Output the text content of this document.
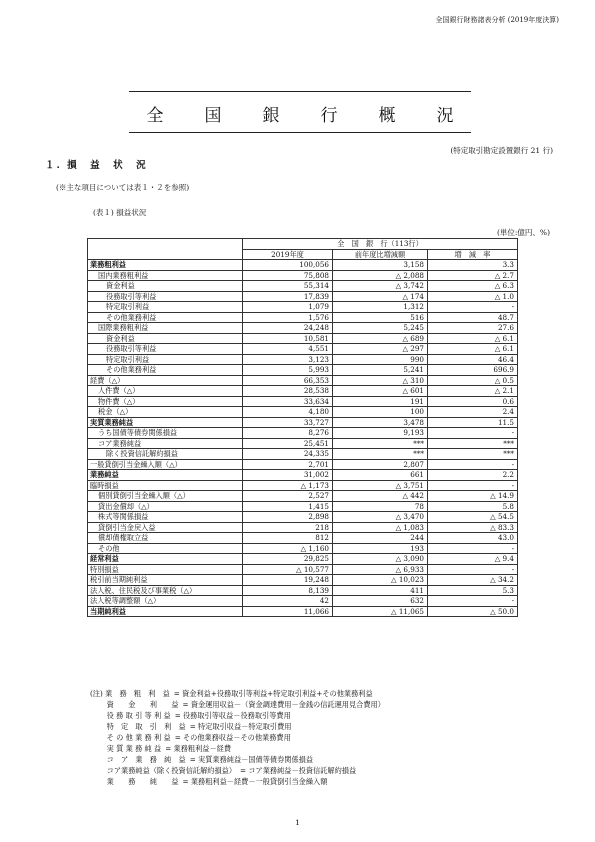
全国銀行財務諸表分析 (2019年度決算)
全　国　銀　行　概　況
(特定取引勘定設置銀行 21 行)
１. 損　益　状　況
(※主な項目については表１・２を参照)
(表１) 損益状況
(単位:億円、%)
	全　国　銀　行（113行）		
	2019年度	前年度比増減額	増　減　率
業務粗利益	100,056	3,158	3.3
国内業務粗利益	75,808	△ 2,088	△ 2.7
資金利益	55,314	△ 3,742	△ 6.3
役務取引等利益	17,839	△ 174	△ 1.0
特定取引利益	1,079	1,312	-
その他業務利益	1,576	516	48.7
国際業務粗利益	24,248	5,245	27.6
資金利益	10,581	△ 689	△ 6.1
役務取引等利益	4,551	△ 297	△ 6.1
特定取引利益	3,123	990	46.4
その他業務利益	5,993	5,241	696.9
経費（△）	66,353	△ 310	△ 0.5
人件費（△）	28,538	△ 601	△ 2.1
物件費（△）	33,634	191	0.6
税金（△）	4,180	100	2.4
実質業務純益	33,727	3,478	11.5
うち国債等債券関係損益	8,276	9,193	-
コア業務純益	25,451	***	***
除く投資信託解約損益	24,335	***	***
一般貸倒引当金繰入額（△）	2,701	2,807	-
業務純益	31,002	661	2.2
臨時損益	△ 1,173	△ 3,751	-
個別貸倒引当金繰入額（△）	2,527	△ 442	△ 14.9
貸出金償却（△）	1,415	78	5.8
株式等関係損益	2,898	△ 3,470	△ 54.5
貸倒引当金戻入益	218	△ 1,083	△ 83.3
償却債権取立益	812	244	43.0
その他	△ 1,160	193	-
経常利益	29,825	△ 3,090	△ 9.4
特別損益	△ 10,577	△ 6,933	-
税引前当期純利益	19,248	△ 10,023	△ 34.2
法人税、住民税及び事業税（△）	8,139	411	5.3
法人税等調整額（△）	42	632	-
当期純利益	11,066	△ 11,065	△ 50.0
(注) 業　務　粗　利　益 = 資金利益+役務取引等利益+特定取引利益+その他業務利益
　　 資　　金　　利　　益 = 資金運用収益－（資金調達費用－金銭の信託運用見合費用）
　　 役 務 取 引 等 利 益 = 役務取引等収益－役務取引等費用
　　 特　定　取　引　利　益 = 特定取引収益－特定取引費用
　　 そ の 他 業 務 利 益 = その他業務収益－その他業務費用
　　 実 質 業 務 純 益 = 業務粗利益－経費
　　 コ　ア　業　務　純　益 = 実質業務純益－国債等債券関係損益
　　 コア業務純益（除く投資信託解約損益） = コア業務純益－投資信託解約損益
　　 業　　務　　純　　益 = 業務粗利益－経費－一般貸倒引当金繰入額
1
